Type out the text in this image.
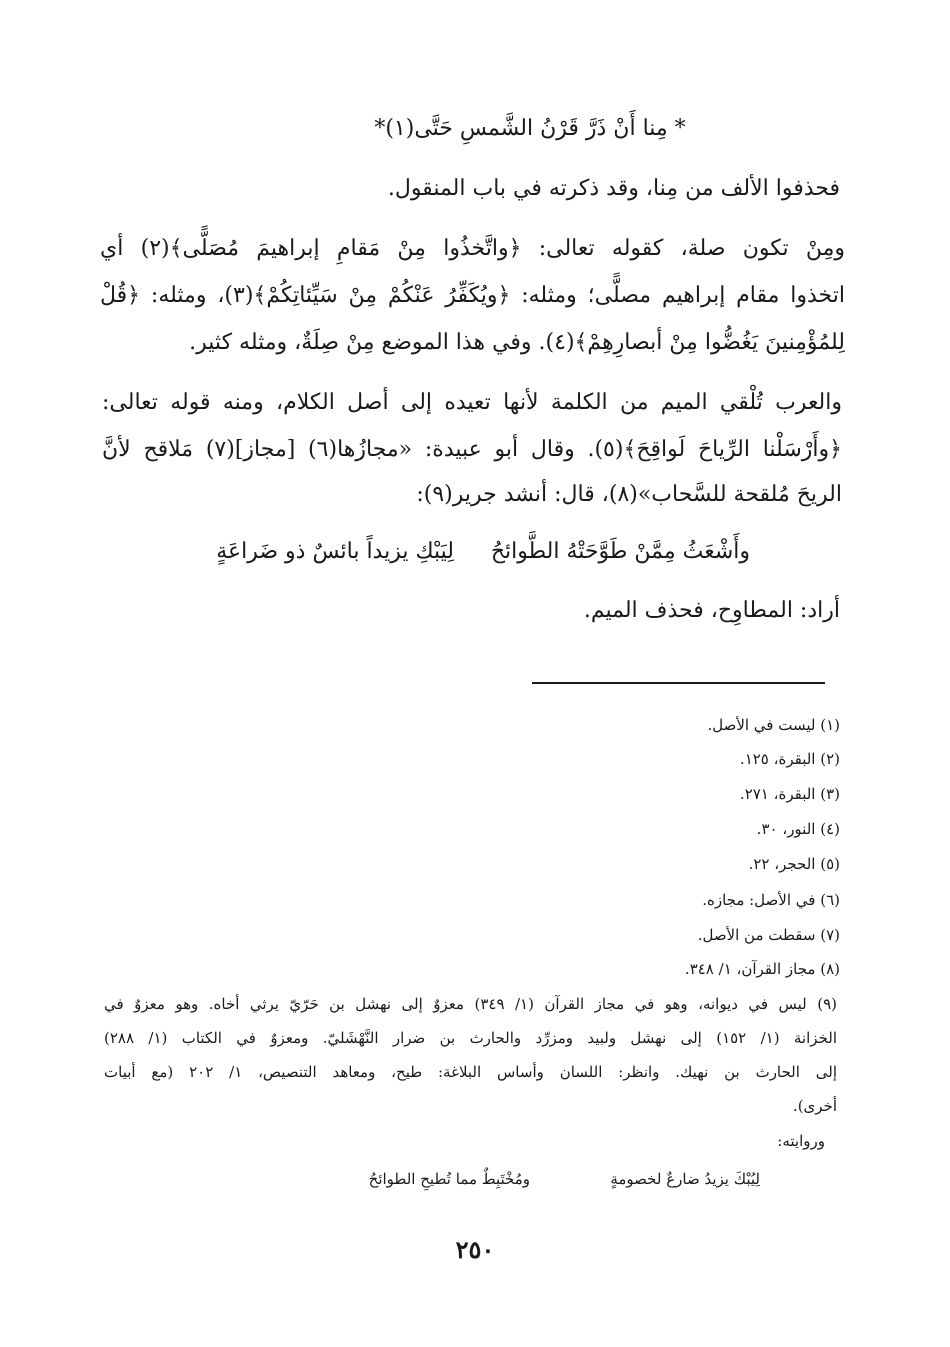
* مِنا أَنْ ذَرَّ قَرْنُ الشَّمسِ حَتَّى(١)*
فحذفوا الألف من مِنا، وقد ذكرته في باب المنقول.
ومِنْ تكون صلة، كقوله تعالى: ﴿واتَّخذُوا مِنْ مَقامِ إبراهيمَ مُصَلًّى﴾(٢) أي
اتخذوا مقام إبراهيم مصلًّى؛ ومثله: ﴿ويُكَفِّرُ عَنْكُمْ مِنْ سَيِّئاتِكُمْ﴾(٣)، ومثله: ﴿قُلْ
لِلمُؤْمِنينَ يَغُضُّوا مِنْ أبصارِهِمْ﴾(٤). وفي هذا الموضع مِنْ صِلَةٌ، ومثله كثير.
والعرب تُلْقي الميم من الكلمة لأنها تعيده إلى أصل الكلام، ومنه قوله تعالى:
﴿وأَرْسَلْنا الرِّياحَ لَواقِحَ﴾(٥). وقال أبو عبيدة: «مجازُها(٦) [مجاز](٧) مَلاقح لأنَّ
الريحَ مُلقحة للسَّحاب»(٨)، قال: أنشد جرير(٩):
لِيَبْكِ يزيداً بائسٌ ذو ضَراعَةٍ وأَشْعَثُ مِمَّنْ طَوَّحَتْهُ الطَّوائحُ
أراد: المطاوِح، فحذف الميم.
(١) ليست في الأصل.
(٢) البقرة، ١٢٥.
(٣) البقرة، ٢٧١.
(٤) النور، ٣٠.
(٥) الحجر، ٢٢.
(٦) في الأصل: مجازه.
(٧) سقطت من الأصل.
(٨) مجاز القرآن، ١/ ٣٤٨.
(٩) ليس في ديوانه، وهو في مجاز القرآن (١/ ٣٤٩) معزوٌ إلى نهشل بن حَرّيّ يرثي أخاه. وهو معزوٌ في
الخزانة (١/ ١٥٢) إلى نهشل ولبيد ومزرِّد والحارث بن ضرار النَّهْشَليّ. ومعزوٌ في الكتاب (١/ ٢٨٨)
إلى الحارث بن نهيك. وانظر: اللسان وأساس البلاغة: طيح، ومعاهد التنصيص، ١/ ٢٠٢ (مع أبيات
أخرى).
وروايته:
لِيُبْكَ يزيدُ ضارعٌ لخصومةٍ
ومُخْتَبِطٌ مما تُطيحِ الطوائحُ
٢٥٠
